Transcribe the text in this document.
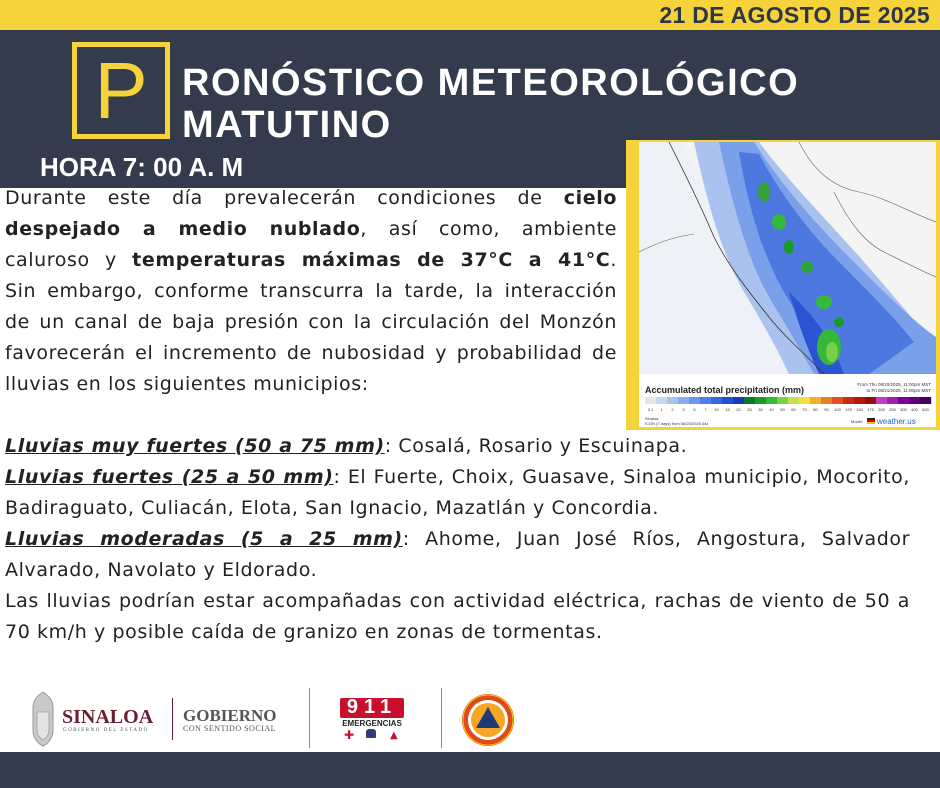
21 DE AGOSTO DE 2025
P RONÓSTICO METEOROLÓGICO
MATUTINO
HORA 7: 00 A. M
Accumulated total precipitation (mm)
From Thu 08/20/2025, 11:00pm MST
to Fri 08/21/2025, 11:00pm MST
0.1 1 2 3 5 7 10 15 20 25 30 40 50 60 70 80 90 100 125 150 175 200 250 300 400 500
Sinaloa
ICON (7 days) from 08/20/2025 04z	Model: weather.us
Durante este día prevalecerán condiciones de cielo despejado a medio nublado, así como, ambiente caluroso y temperaturas máximas de 37°C a 41°C.
Sin embargo, conforme transcurra la tarde, la interacción de un canal de baja presión con la circulación del Monzón favorecerán el incremento de nubosidad y probabilidad de lluvias en los siguientes municipios:
Lluvias muy fuertes (50 a 75 mm): Cosalá, Rosario y Escuinapa.
Lluvias fuertes (25 a 50 mm): El Fuerte, Choix, Guasave, Sinaloa municipio, Mocorito, Badiraguato, Culiacán, Elota, San Ignacio, Mazatlán y Concordia.
Lluvias moderadas (5 a 25 mm): Ahome, Juan José Ríos, Angostura, Salvador Alvarado, Navolato y Eldorado.
Las lluvias podrían estar acompañadas con actividad eléctrica, rachas de viento de 50 a 70 km/h y posible caída de granizo en zonas de tormentas.
SINALOA
GOBIERNO DEL ESTADO
GOBIERNO
CON SENTIDO SOCIAL
911
EMERGENCIAS
✚	▲
